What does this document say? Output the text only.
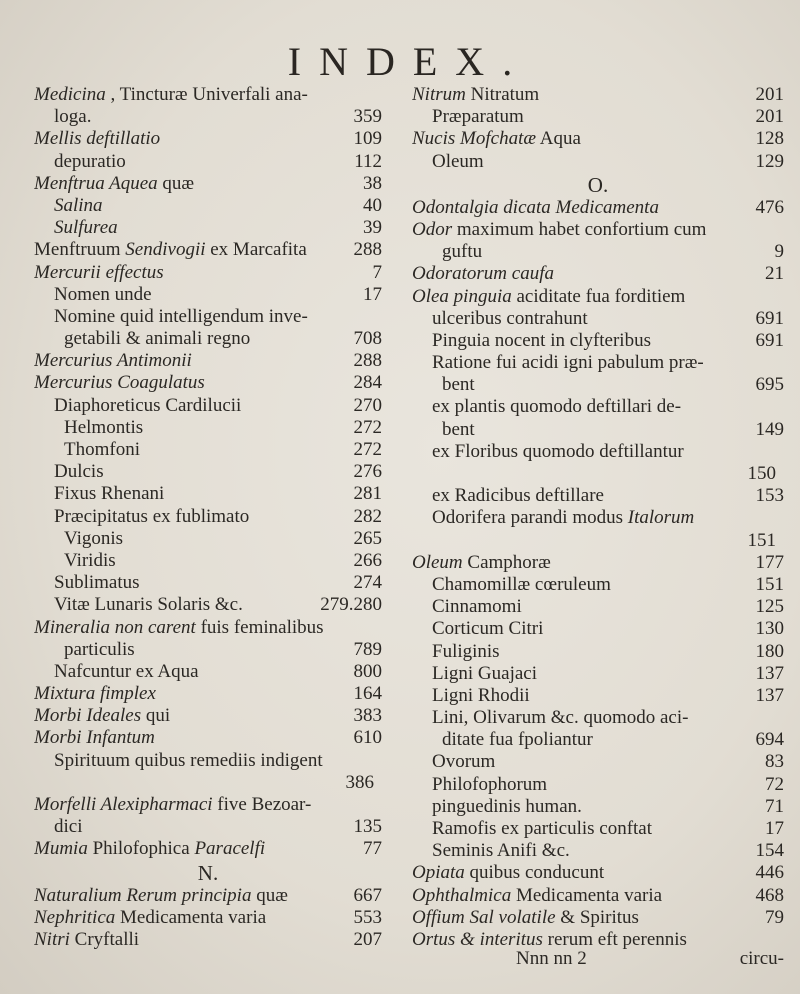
INDEX.
Medicina , Tincturæ Univerfali ana-
loga.	359
Mellis deftillatio	109
depuratio	112
Menftrua Aquea quæ	38
Salina	40
Sulfurea	39
Menftruum Sendivogii ex Marcafita	288
Mercurii effectus	7
Nomen unde	17
Nomine quid intelligendum inve-
getabili & animali regno	708
Mercurius Antimonii	288
Mercurius Coagulatus	284
Diaphoreticus Cardilucii	270
Helmontis	272
Thomfoni	272
Dulcis	276
Fixus Rhenani	281
Præcipitatus ex fublimato	282
Vigonis	265
Viridis	266
Sublimatus	274
Vitæ Lunaris Solaris &c.	279.280
Mineralia non carent fuis feminalibus
particulis	789
Nafcuntur ex Aqua	800
Mixtura fimplex	164
Morbi Ideales qui	383
Morbi Infantum	610
Spirituum quibus remediis indigent
386
Morfelli Alexipharmaci five Bezoar-
dici	135
Mumia Philofophica Paracelfi	77
N.
Naturalium Rerum principia quæ	667
Nephritica Medicamenta varia	553
Nitri Cryftalli	207
Nitrum Nitratum	201
Præparatum	201
Nucis Mofchatæ Aqua	128
Oleum	129
O.
Odontalgia dicata Medicamenta	476
Odor maximum habet confortium cum
guftu	9
Odoratorum caufa	21
Olea pinguia aciditate fua forditiem
ulceribus contrahunt	691
Pinguia nocent in clyfteribus	691
Ratione fui acidi igni pabulum præ-
bent	695
ex plantis quomodo deftillari de-
bent	149
ex Floribus quomodo deftillantur
150
ex Radicibus deftillare	153
Odorifera parandi modus Italorum
151
Oleum Camphoræ	177
Chamomillæ cœruleum	151
Cinnamomi	125
Corticum Citri	130
Fuliginis	180
Ligni Guajaci	137
Ligni Rhodii	137
Lini, Olivarum &c. quomodo aci-
ditate fua fpoliantur	694
Ovorum	83
Philofophorum	72
pinguedinis human.	71
Ramofis ex particulis conftat	17
Seminis Anifi &c.	154
Opiata quibus conducunt	446
Ophthalmica Medicamenta varia	468
Offium Sal volatile & Spiritus	79
Ortus & interitus rerum eft perennis
Nnn nn 2	circu-
